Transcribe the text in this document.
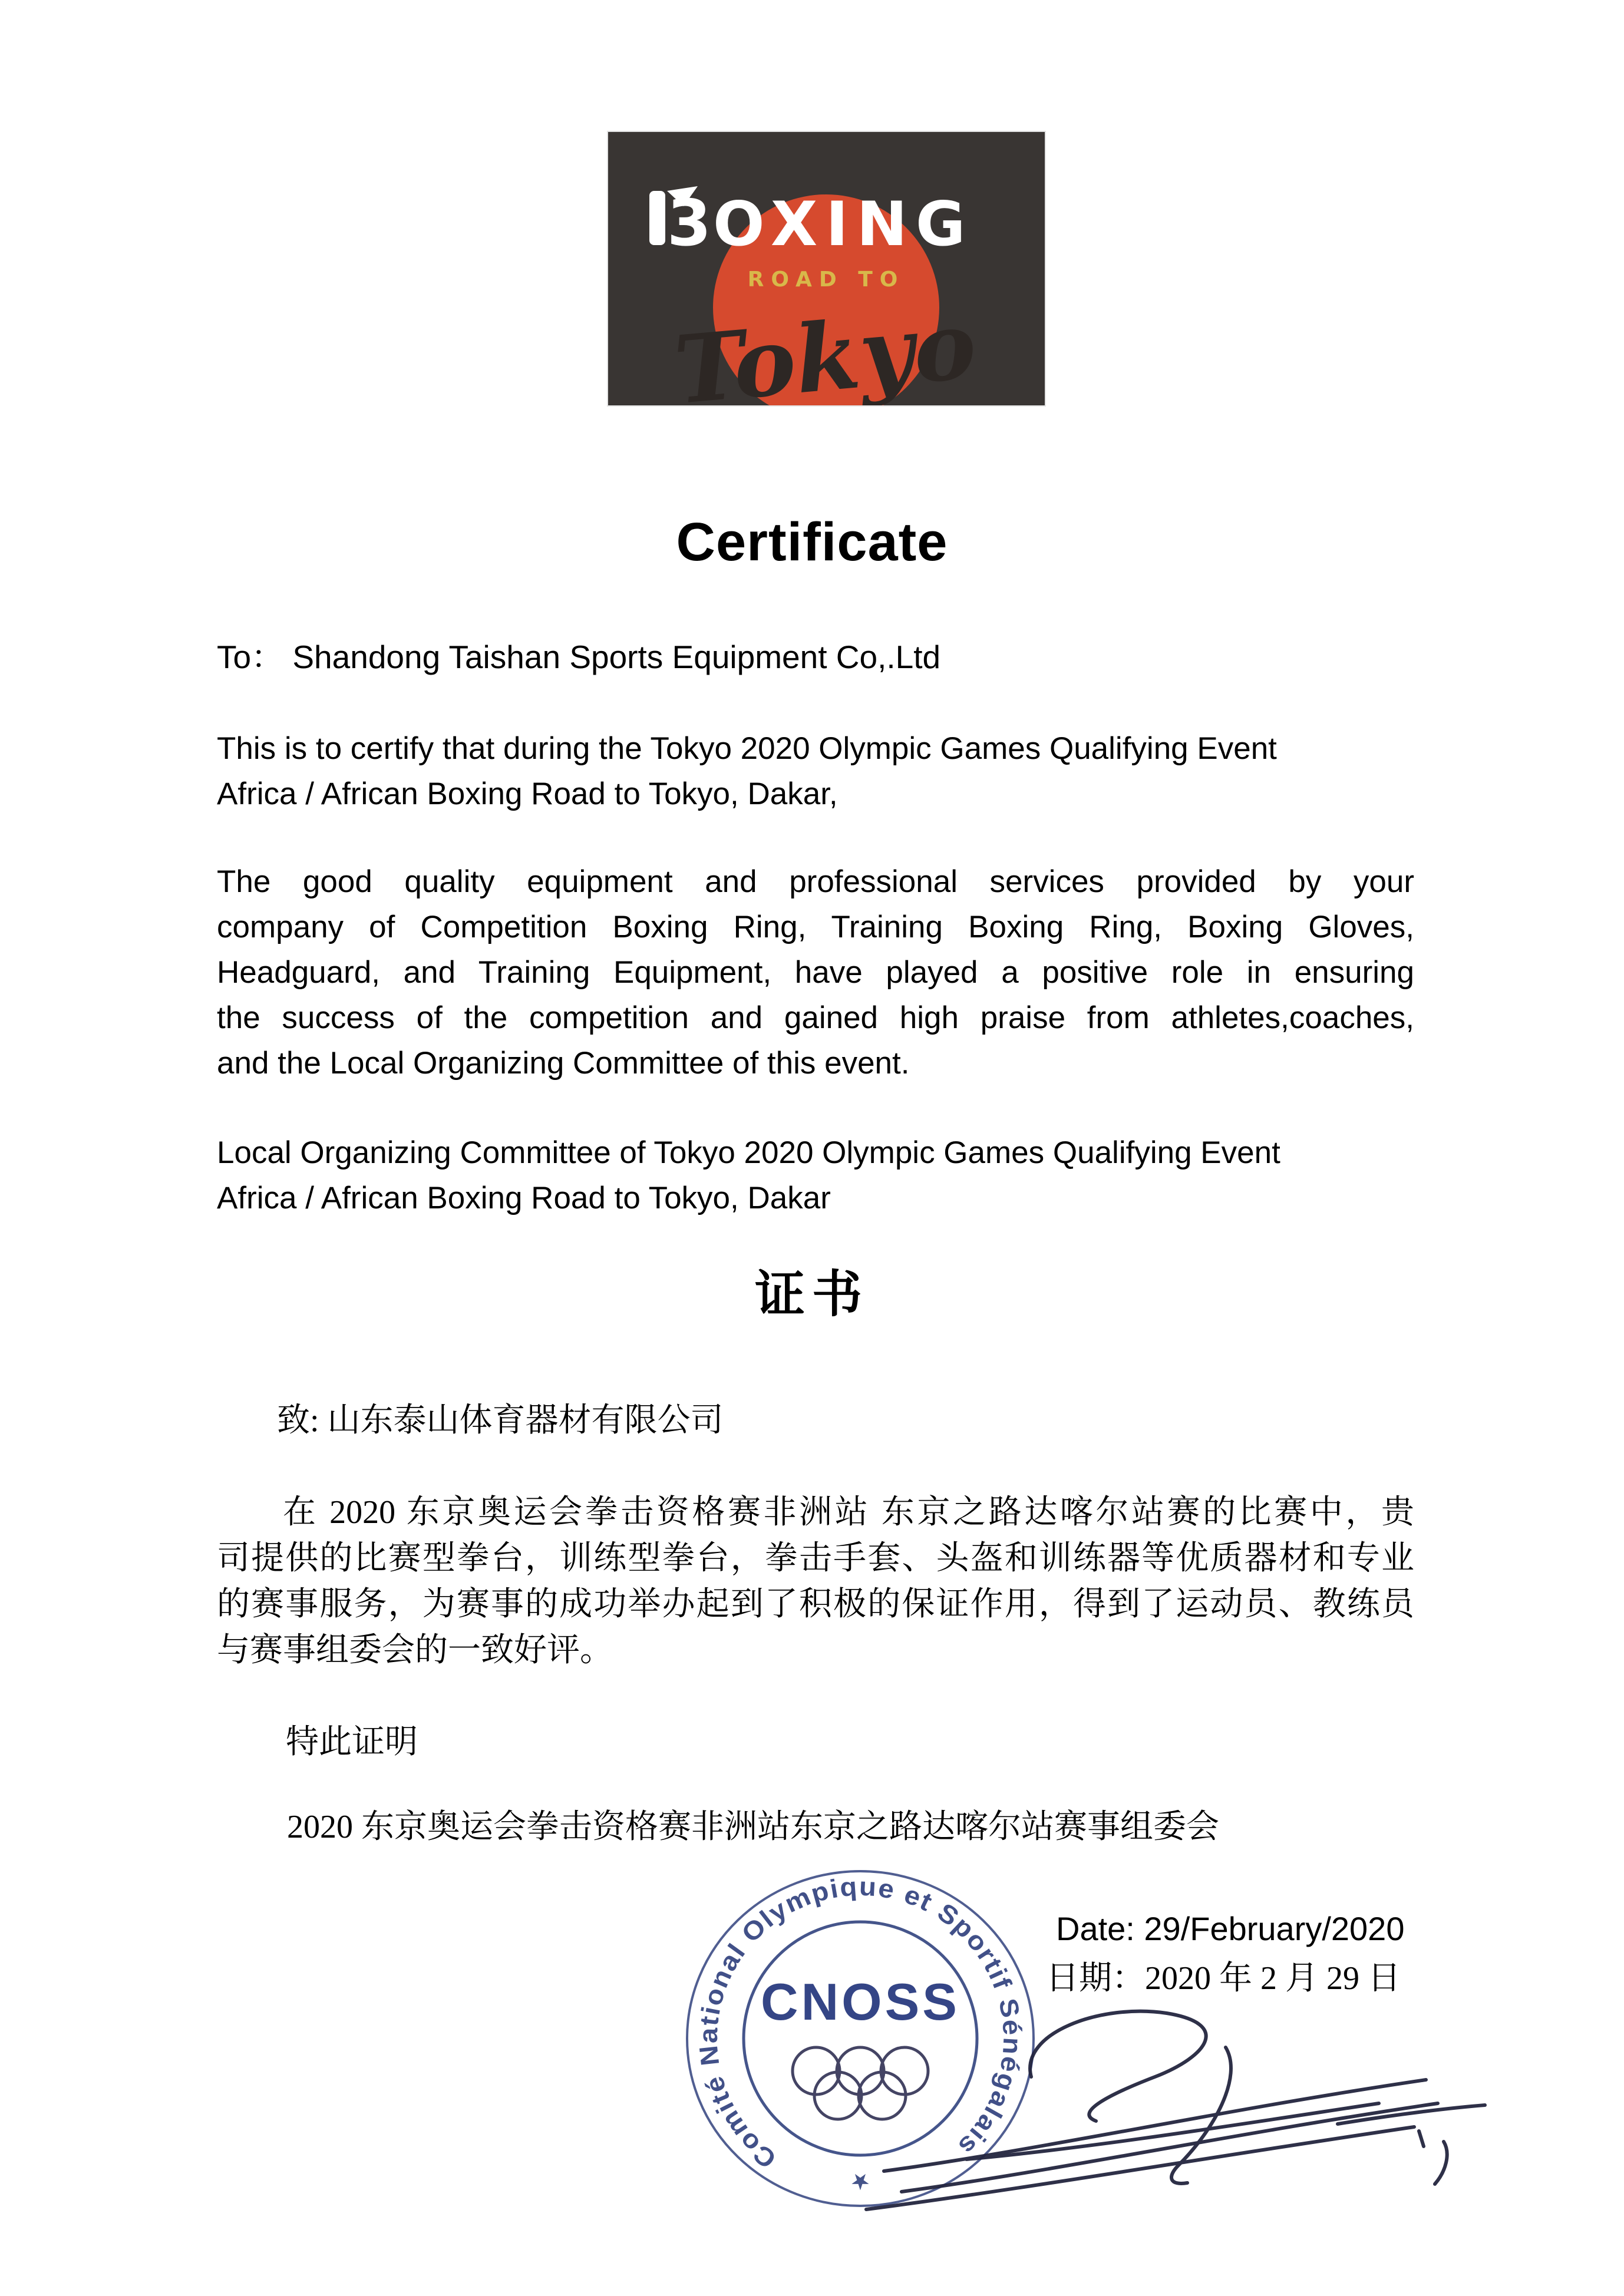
3 OXING
ROAD TO
Tokyo
Certificate
To： Shandong Taishan Sports Equipment Co,.Ltd
This is to certify that during the Tokyo 2020 Olympic Games Qualifying Event
Africa / African Boxing Road to Tokyo, Dakar,
The good quality equipment and professional services provided by your
company of Competition Boxing Ring, Training Boxing Ring, Boxing Gloves,
Headguard, and Training Equipment, have played a positive role in ensuring
the success of the competition and gained high praise from athletes,coaches,
and the Local Organizing Committee of this event.
Local Organizing Committee of Tokyo 2020 Olympic Games Qualifying Event
Africa / African Boxing Road to Tokyo, Dakar
证书
致: 山东泰山体育器材有限公司
在 2020 东京奥运会拳击资格赛非洲站 东京之路达喀尔站赛的比赛中，贵
司提供的比赛型拳台，训练型拳台，拳击手套、头盔和训练器等优质器材和专业
的赛事服务，为赛事的成功举办起到了积极的保证作用，得到了运动员、教练员
与赛事组委会的一致好评。
特此证明
2020 东京奥运会拳击资格赛非洲站东京之路达喀尔站赛事组委会
Date: 29/February/2020
日期：2020 年 2 月 29 日
Comité National Olympique et Sportif Sénégalais
★
CNOSS
